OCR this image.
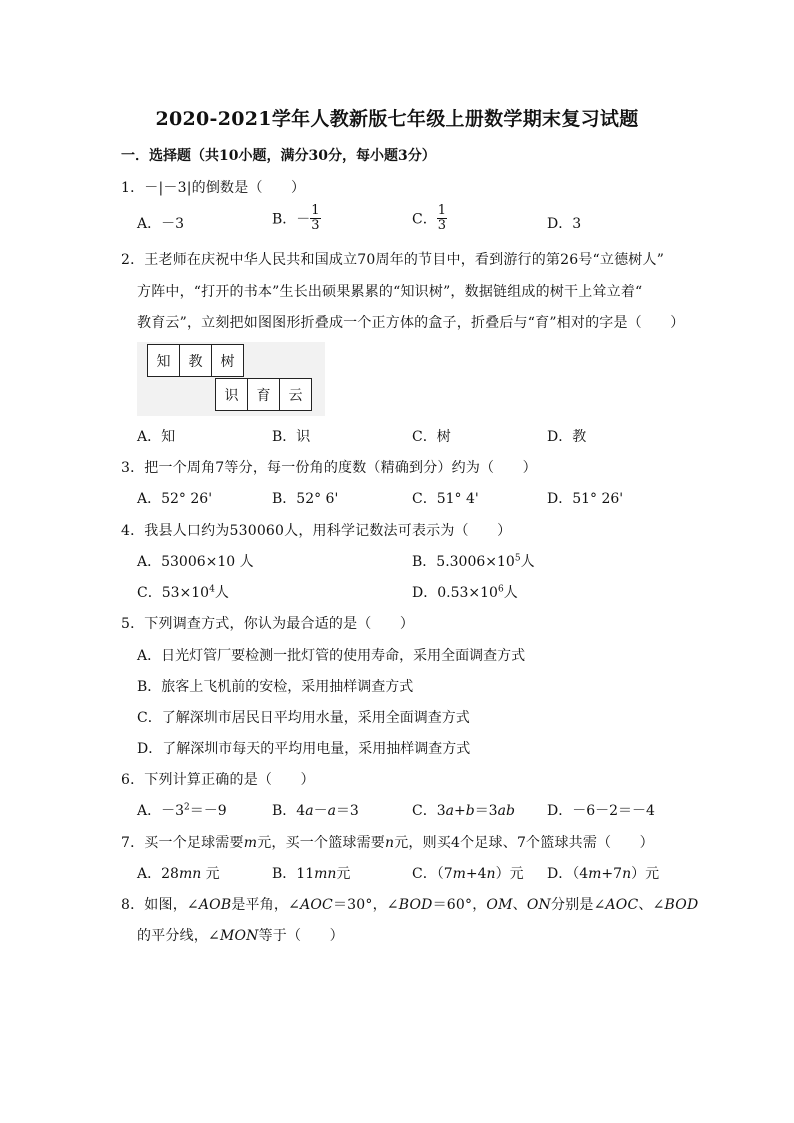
2020-2021学年人教新版七年级上册数学期末复习试题
一．选择题（共10小题，满分30分，每小题3分）
1．－|－3|的倒数是（　　）
A．－3	B．－ $\frac{1}{3}$	C． $\frac{1}{3}$	D．3
2．王老师在庆祝中华人民共和国成立70周年的节目中，看到游行的第26号“立德树人”
方阵中，“打开的书本”生长出硕果累累的“知识树”，数据链组成的树干上耸立着“
教育云”，立刻把如图图形折叠成一个正方体的盒子，折叠后与“育”相对的字是（　　）
知	教	树
识	育	云
A．知	B．识	C．树	D．教
3．把一个周角7等分，每一份角的度数（精确到分）约为（　　）
A．52° 26'	B．52° 6'	C．51° 4'	D．51° 26'
4．我县人口约为530060人，用科学记数法可表示为（　　）
A．53006×10 人	B．$5.3006\times 10^5$人
C．$53\times 10^4$人	D．$0.53\times 10^6$人
5．下列调查方式，你认为最合适的是（　　）
A．日光灯管厂要检测一批灯管的使用寿命，采用全面调查方式
B．旅客上飞机前的安检，采用抽样调查方式
C．了解深圳市居民日平均用水量，采用全面调查方式
D．了解深圳市每天的平均用电量，采用抽样调查方式
6．下列计算正确的是（　　）
A．$-3^2=-9$	B．4a－a＝3	C．3a+b＝3ab D．－6－2＝－4
7．买一个足球需要m元，买一个篮球需要n元，则买4个足球、7个篮球共需（　　）
A．28mn 元	B．11mn元	C．（7m+4n）元 D．（4m+7n）元
8．如图，∠AOB是平角，∠AOC＝30°，∠BOD＝60°，OM、ON分别是∠AOC、∠BOD
的平分线，∠MON等于（　　）
